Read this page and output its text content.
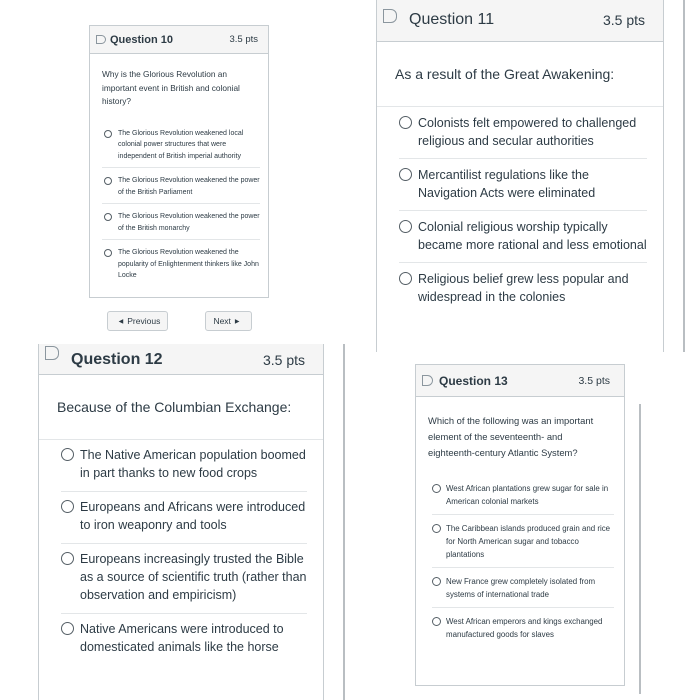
Question 10	3.5 pts
Why is the Glorious Revolution an important event in British and colonial history?
The Glorious Revolution weakened local colonial power structures that were independent of British imperial authority
The Glorious Revolution weakened the power of the British Parliament
The Glorious Revolution weakened the power of the British monarchy
The Glorious Revolution weakened the popularity of Enlightenment thinkers like John Locke
◀ Previous	Next ▶
Question 11	3.5 pts
As a result of the Great Awakening:
Colonists felt empowered to challenged religious and secular authorities
Mercantilist regulations like the Navigation Acts were eliminated
Colonial religious worship typically became more rational and less emotional
Religious belief grew less popular and widespread in the colonies
Question 12	3.5 pts
Because of the Columbian Exchange:
The Native American population boomed in part thanks to new food crops
Europeans and Africans were introduced to iron weaponry and tools
Europeans increasingly trusted the Bible as a source of scientific truth (rather than observation and empiricism)
Native Americans were introduced to domesticated animals like the horse
Question 13	3.5 pts
Which of the following was an important element of the seventeenth- and eighteenth-century Atlantic System?
West African plantations grew sugar for sale in American colonial markets
The Caribbean islands produced grain and rice for North American sugar and tobacco plantations
New France grew completely isolated from systems of international trade
West African emperors and kings exchanged manufactured goods for slaves
